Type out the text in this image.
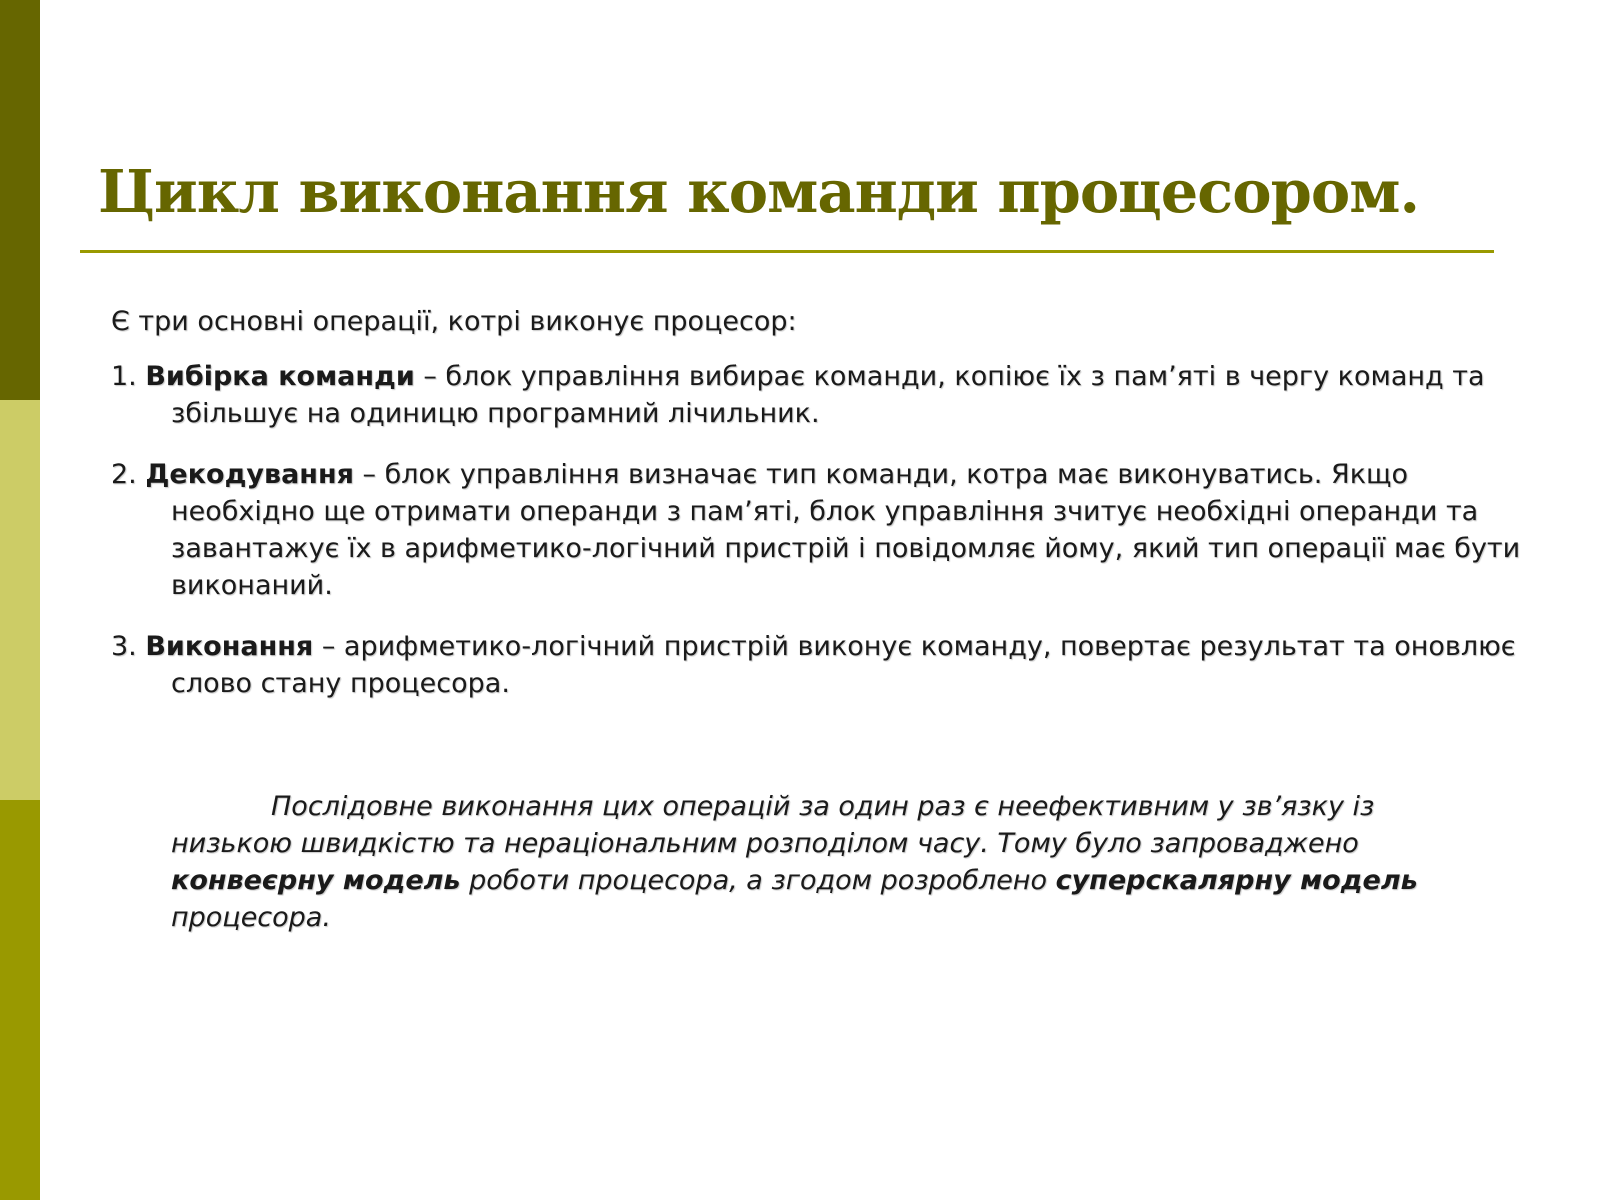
Цикл виконання команди процесором.

Є три основні операції, котрі виконує процесор:

1. Вибірка команди – блок управління вибирає команди, копіює їх з пам’яті в чергу команд та збільшує на одиницю програмний лічильник.

2. Декодування – блок управління визначає тип команди, котра має виконуватись. Якщо необхідно ще отримати операнди з пам’яті, блок управління зчитує необхідні операнди та завантажує їх в арифметико-логічний пристрій і повідомляє йому, який тип операції має бути виконаний.

3. Виконання – арифметико-логічний пристрій виконує команду, повертає результат та оновлює слово стану процесора.

Послідовне виконання цих операцій за один раз є неефективним у зв’язку із низькою швидкістю та нераціональним розподілом часу. Тому було запроваджено конвеєрну модель роботи процесора, а згодом розроблено суперскалярну модель процесора.
